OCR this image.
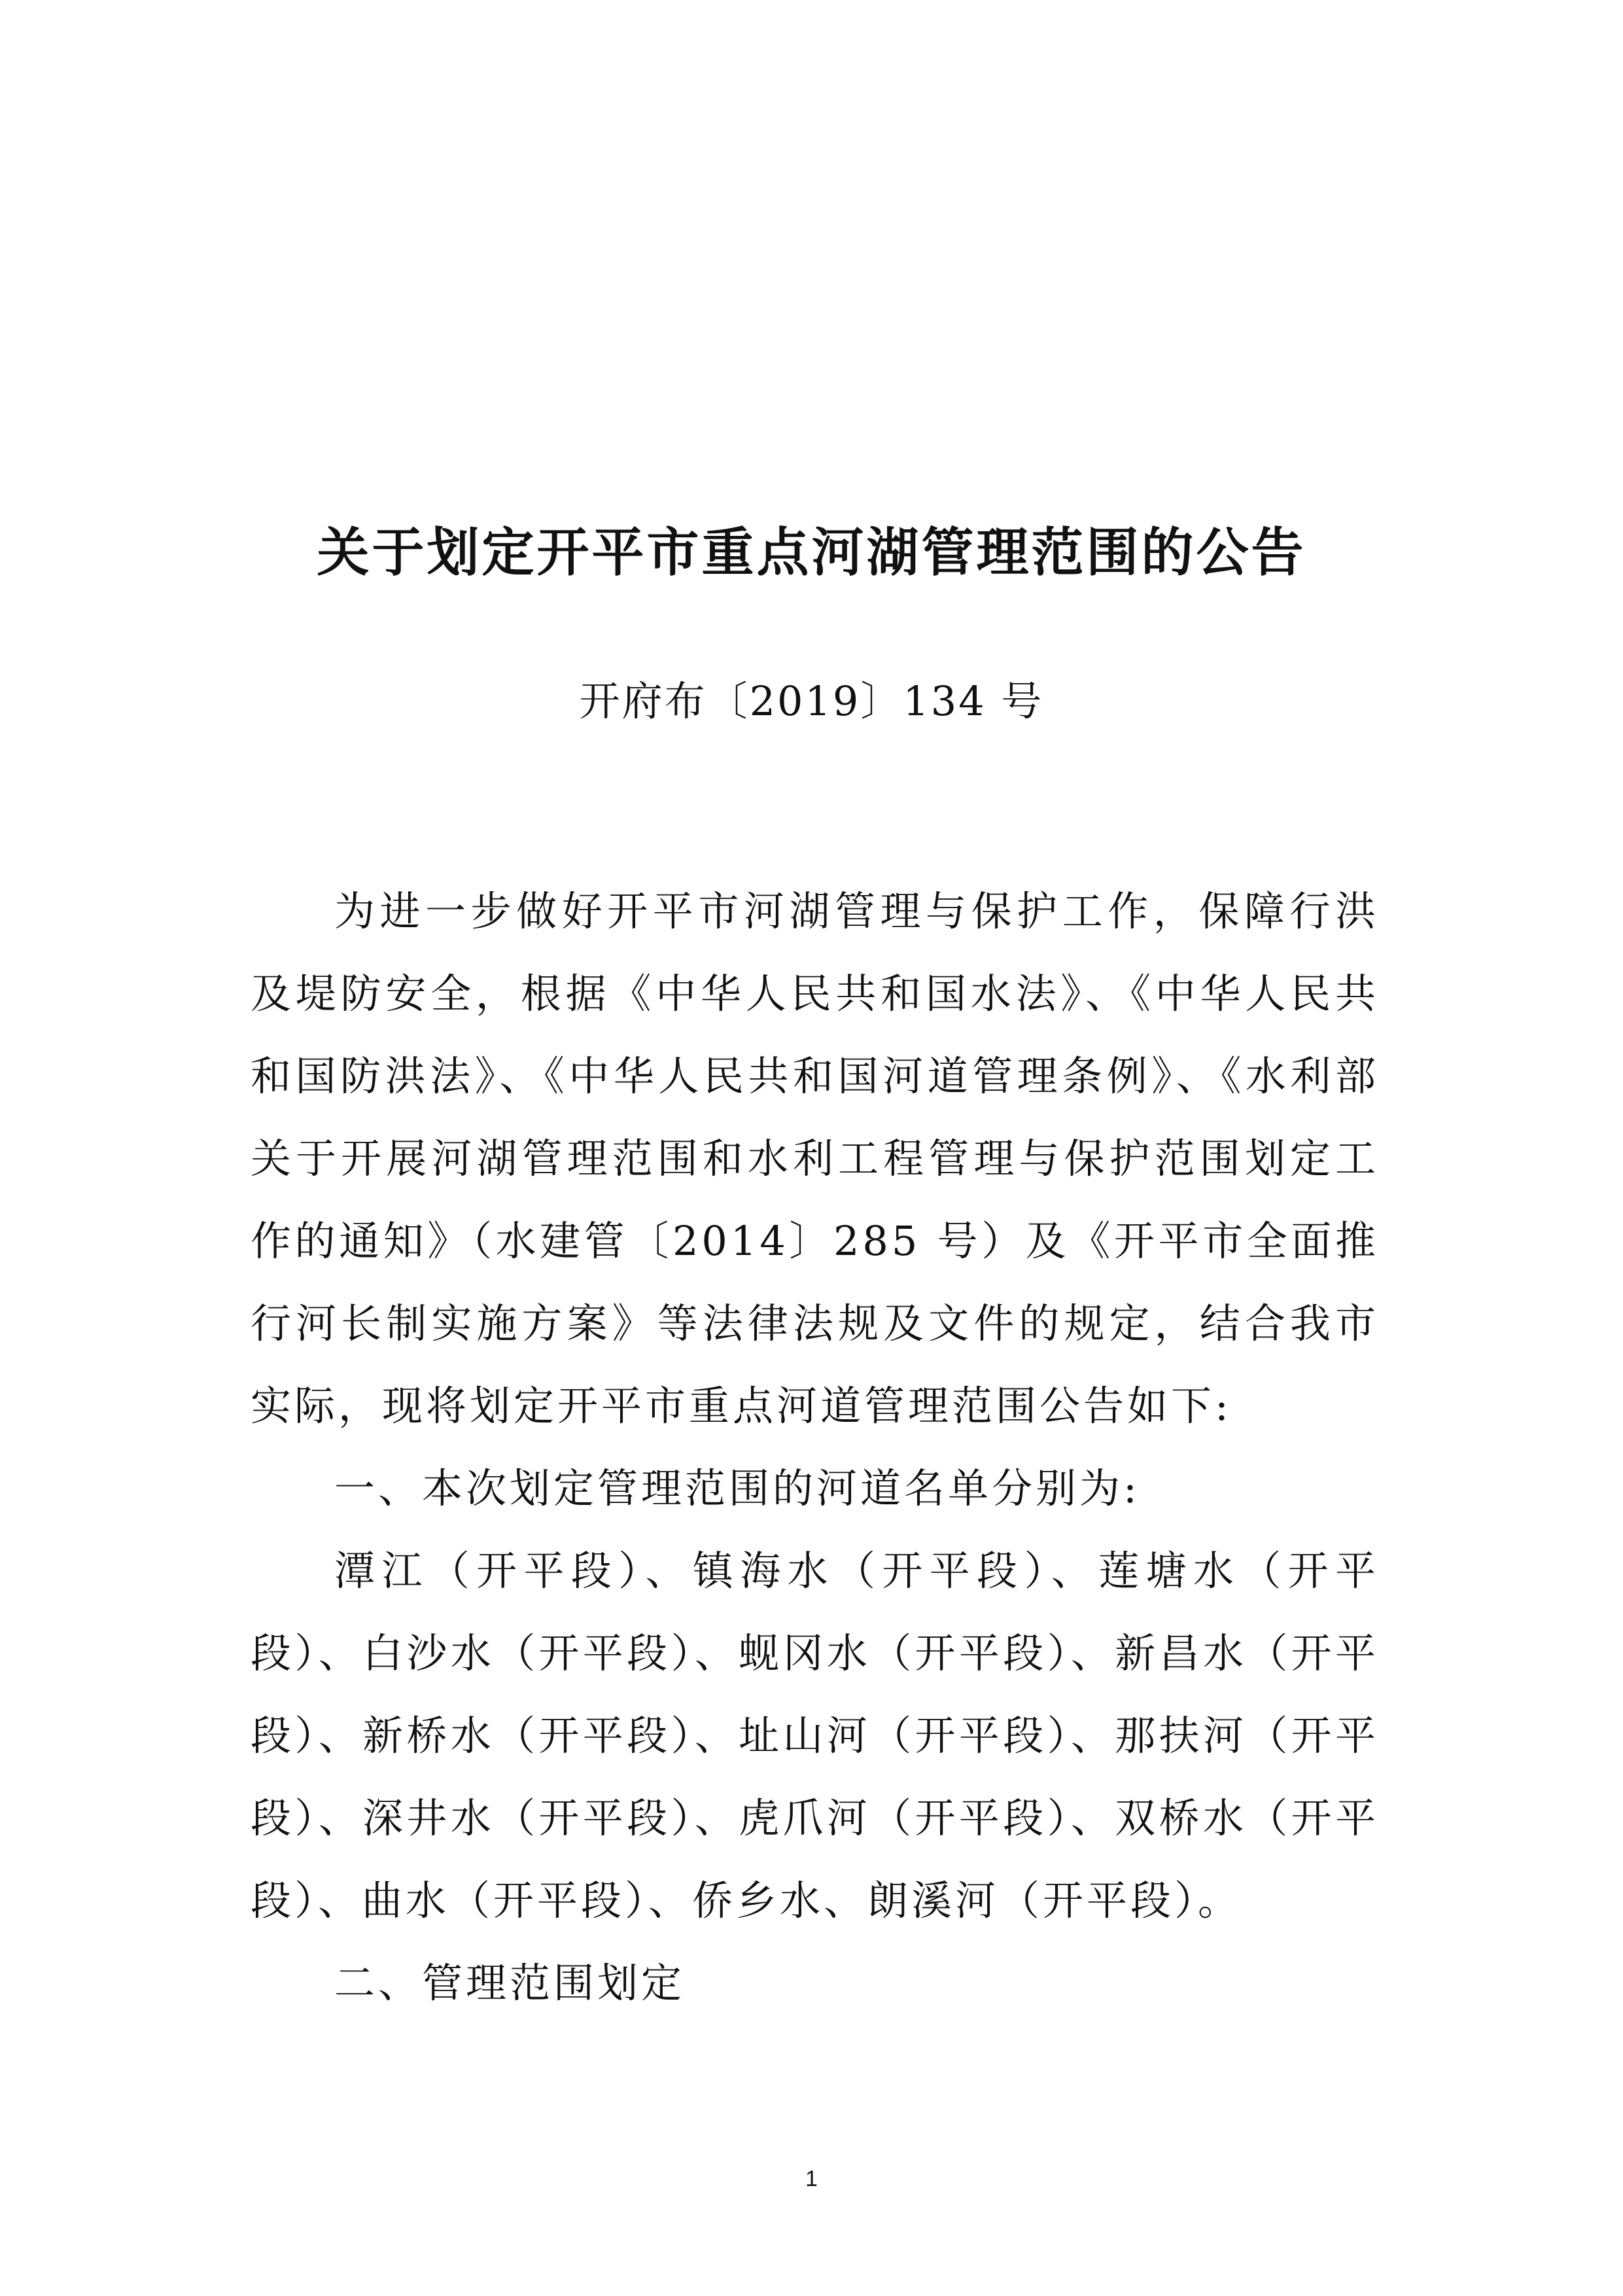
关于划定开平市重点河湖管理范围的公告
开府布〔2019〕134 号

为进一步做好开平市河湖管理与保护工作，保障行洪及堤防安全，根据《中华人民共和国水法》、《中华人民共和国防洪法》、《中华人民共和国河道管理条例》、《水利部关于开展河湖管理范围和水利工程管理与保护范围划定工作的通知》（水建管〔2014〕285 号）及《开平市全面推行河长制实施方案》等法律法规及文件的规定，结合我市实际，现将划定开平市重点河道管理范围公告如下:

一、本次划定管理范围的河道名单分别为:

潭江（开平段）、镇海水（开平段）、莲塘水（开平段）、白沙水（开平段）、蚬冈水（开平段）、新昌水（开平段）、新桥水（开平段）、址山河（开平段）、那扶河（开平段）、深井水（开平段）、虎爪河（开平段）、双桥水（开平段）、曲水（开平段）、侨乡水、朗溪河（开平段）。

二、管理范围划定

1
